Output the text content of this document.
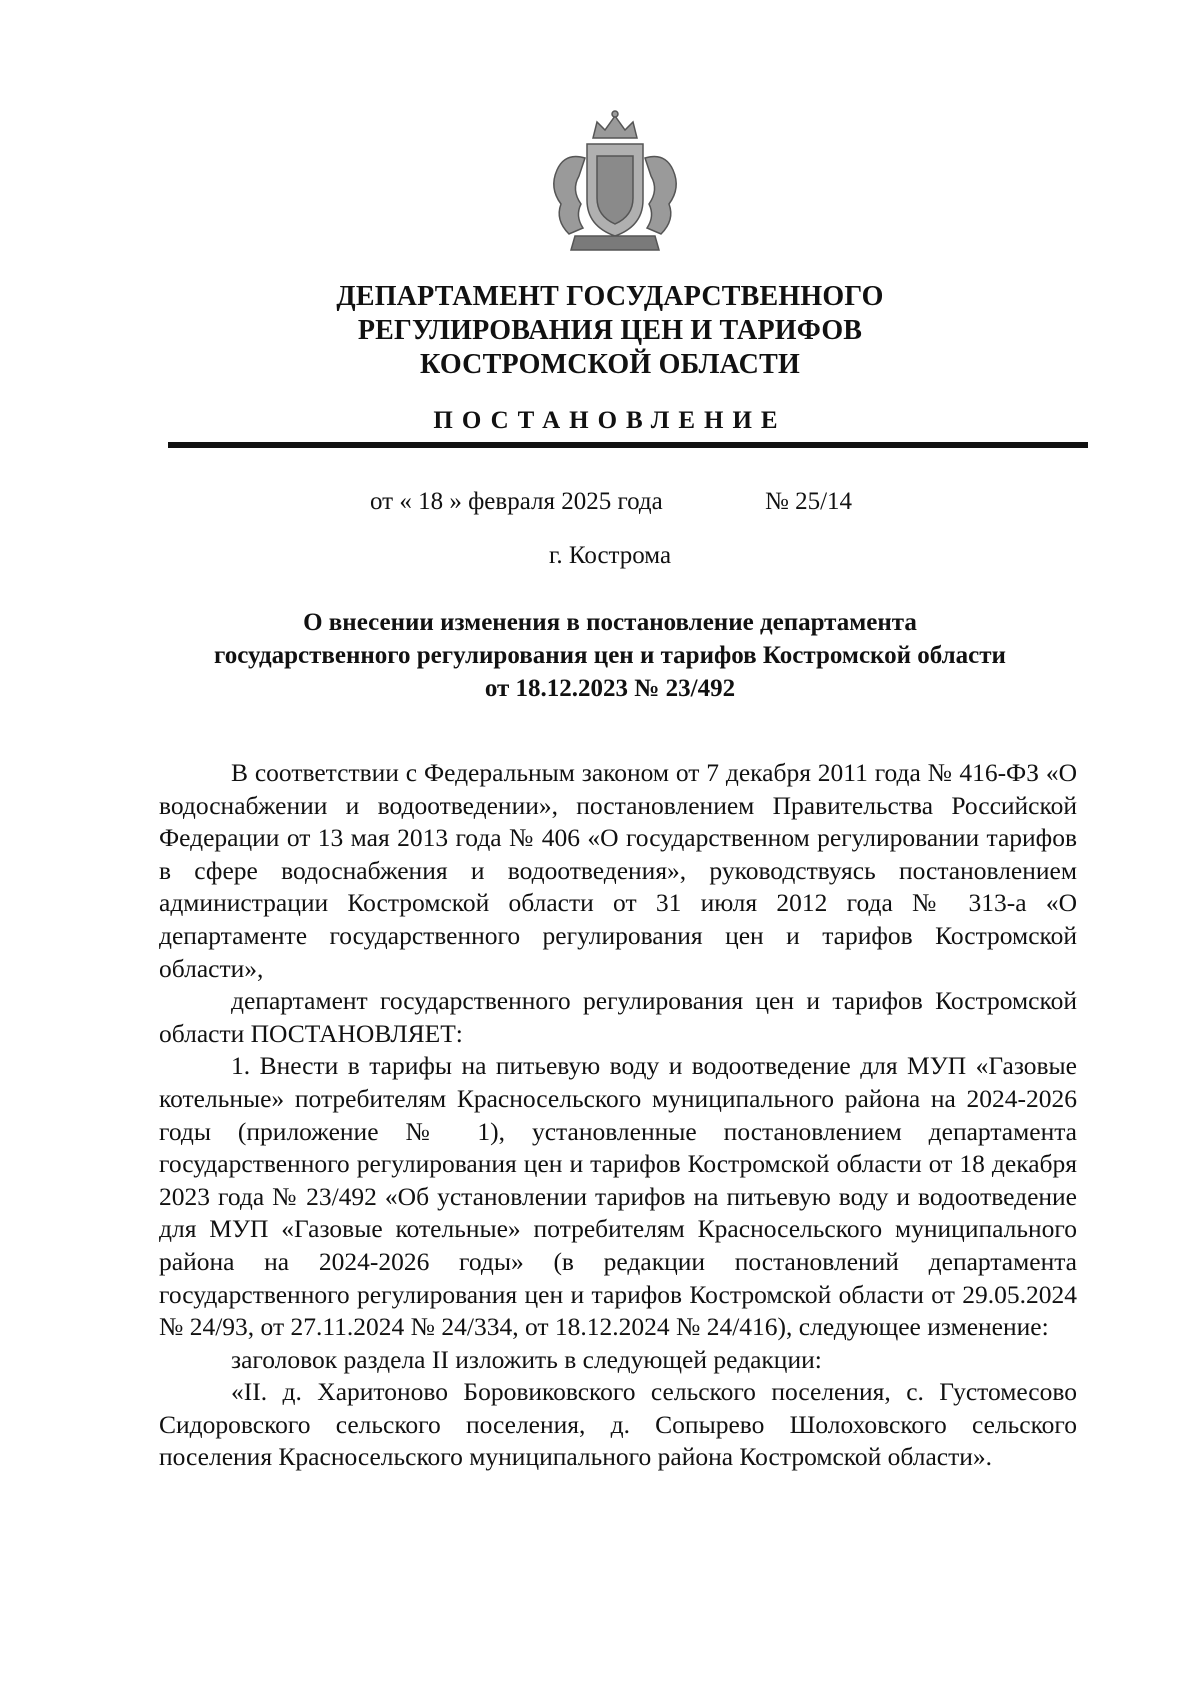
ДЕПАРТАМЕНТ ГОСУДАРСТВЕННОГО
РЕГУЛИРОВАНИЯ ЦЕН И ТАРИФОВ
КОСТРОМСКОЙ ОБЛАСТИ
ПОСТАНОВЛЕНИЕ
от « 18 » февраля 2025 года	№ 25/14
г. Кострома
О внесении изменения в постановление департамента
государственного регулирования цен и тарифов Костромской области
от 18.12.2023 № 23/492

В соответствии с Федеральным законом от 7 декабря 2011 года № 416-ФЗ «О водоснабжении и водоотведении», постановлением Правительства Российской Федерации от 13 мая 2013 года № 406 «О государственном регулировании тарифов в сфере водоснабжения и водоотведения», руководствуясь постановлением администрации Костромской области от 31 июля 2012 года № 313-а «О департаменте государственного регулирования цен и тарифов Костромской области»,

департамент государственного регулирования цен и тарифов Костромской области ПОСТАНОВЛЯЕТ:

1. Внести в тарифы на питьевую воду и водоотведение для МУП «Газовые котельные» потребителям Красносельского муниципального района на 2024-2026 годы (приложение № 1), установленные постановлением департамента государственного регулирования цен и тарифов Костромской области от 18 декабря 2023 года № 23/492 «Об установлении тарифов на питьевую воду и водоотведение для МУП «Газовые котельные» потребителям Красносельского муниципального района на 2024-2026 годы» (в редакции постановлений департамента государственного регулирования цен и тарифов Костромской области от 29.05.2024 № 24/93, от 27.11.2024 № 24/334, от 18.12.2024 № 24/416), следующее изменение:

заголовок раздела II изложить в следующей редакции:

«II. д. Харитоново Боровиковского сельского поселения, с. Густомесово Сидоровского сельского поселения, д. Сопырево Шолоховского сельского поселения Красносельского муниципального района Костромской области».
